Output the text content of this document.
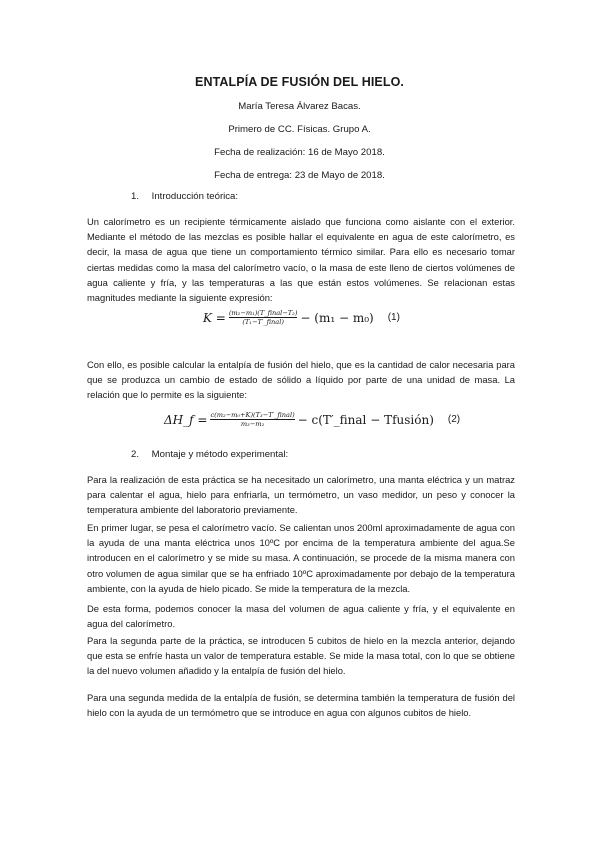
ENTALPÍA DE FUSIÓN DEL HIELO.
María Teresa Álvarez Bacas.
Primero de CC. Físicas. Grupo A.
Fecha de realización: 16 de Mayo 2018.
Fecha de entrega: 23 de Mayo de 2018.
1. Introducción teórica:
Un calorímetro es un recipiente térmicamente aislado que funciona como aislante con el exterior. Mediante el método de las mezclas es posible hallar el equivalente en agua de este calorímetro, es decir, la masa de agua que tiene un comportamiento térmico similar. Para ello es necesario tomar ciertas medidas como la masa del calorímetro vacío, o la masa de este lleno de ciertos volúmenes de agua caliente y fría, y las temperaturas a las que están estos volúmenes. Se relacionan estas magnitudes mediante la siguiente expresión:
$K = \frac{\text{(m₂−m₁)(T\_final−T₂)}}{\text{(T₁−T′\_final)}} - (m_1 - m_0)$ (1)
Con ello, es posible calcular la entalpía de fusión del hielo, que es la cantidad de calor necesaria para que se produzca un cambio de estado de sólido a líquido por parte de una unidad de masa. La relación que lo permite es la siguiente:
ΔH_f = $\frac{\text{c(m₂−m₀+K)(T₃−T′\_final)}}{\text{m₃−m₂}}$ − c(T′_final − Tfusión) (2)
2. Montaje y método experimental:
Para la realización de esta práctica se ha necesitado un calorímetro, una manta eléctrica y un matraz para calentar el agua, hielo para enfriarla, un termómetro, un vaso medidor, un peso y conocer la temperatura ambiente del laboratorio previamente.
En primer lugar, se pesa el calorímetro vacío. Se calientan unos 200ml aproximadamente de agua con la ayuda de una manta eléctrica unos 10ºC por encima de la temperatura ambiente del agua.Se introducen en el calorímetro y se mide su masa. A continuación, se procede de la misma manera con otro volumen de agua similar que se ha enfriado 10ºC aproximadamente por debajo de la temperatura ambiente, con la ayuda de hielo picado. Se mide la temperatura de la mezcla.
De esta forma, podemos conocer la masa del volumen de agua caliente y fría, y el equivalente en agua del calorímetro.
Para la segunda parte de la práctica, se introducen 5 cubitos de hielo en la mezcla anterior, dejando que esta se enfríe hasta un valor de temperatura estable. Se mide la masa total, con lo que se obtiene la del nuevo volumen añadido y la entalpía de fusión del hielo.
Para una segunda medida de la entalpía de fusión, se determina también la temperatura de fusión del hielo con la ayuda de un termómetro que se introduce en agua con algunos cubitos de hielo.
